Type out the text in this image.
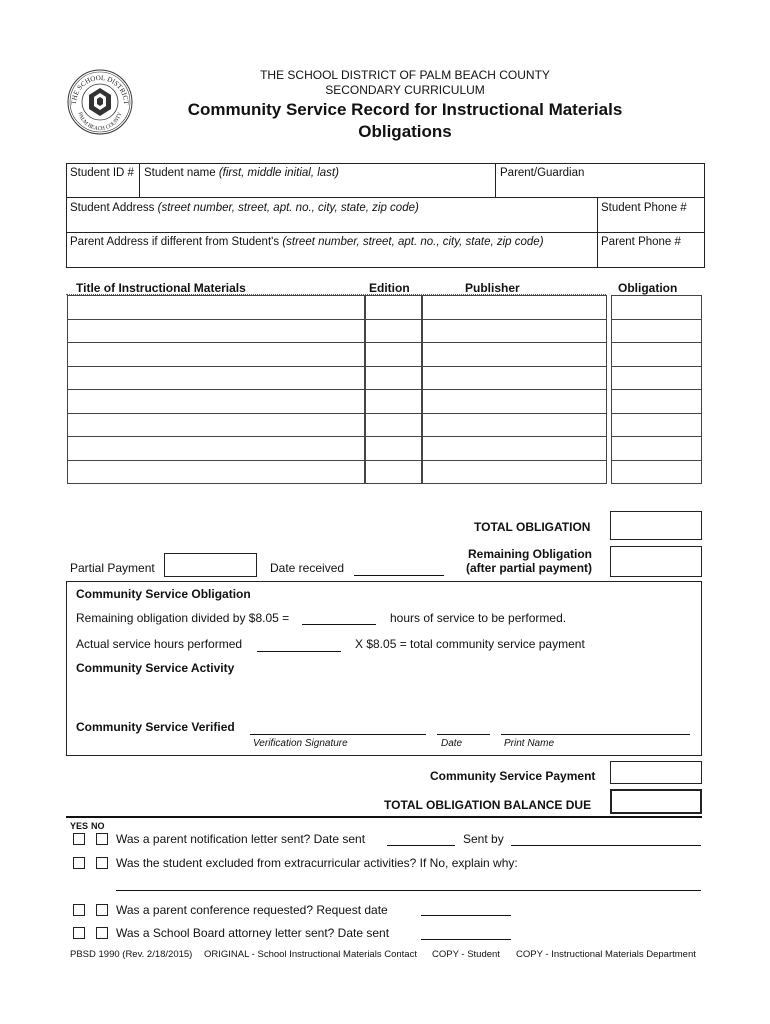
THE SCHOOL DISTRICT
PALM BEACH COUNTY
THE SCHOOL DISTRICT OF PALM BEACH COUNTY
SECONDARY CURRICULUM
Community Service Record for Instructional Materials
Obligations
Student ID # Student name (first, middle initial, last)	Parent/Guardian
Student Address (street number, street, apt. no., city, state, zip code)	Student Phone #
Parent Address if different from Student's (street number, street, apt. no., city, state, zip code)	Parent Phone #
Title of Instructional Materials	Edition	Publisher	Obligation
TOTAL OBLIGATION
Partial Payment	Date received
Remaining Obligation
(after partial payment)
Community Service Obligation
Remaining obligation divided by $8.05 =	hours of service to be performed.
Actual service hours performed	X $8.05 = total community service payment
Community Service Activity
Community Service Verified
Verification Signature	Date	Print Name
Community Service Payment
TOTAL OBLIGATION BALANCE DUE
YES NO
Was a parent notification letter sent? Date sent	Sent by
Was the student excluded from extracurricular activities? If No, explain why:
Was a parent conference requested? Request date
Was a School Board attorney letter sent? Date sent
PBSD 1990 (Rev. 2/18/2015) ORIGINAL - School Instructional Materials Contact COPY - Student COPY - Instructional Materials Department
